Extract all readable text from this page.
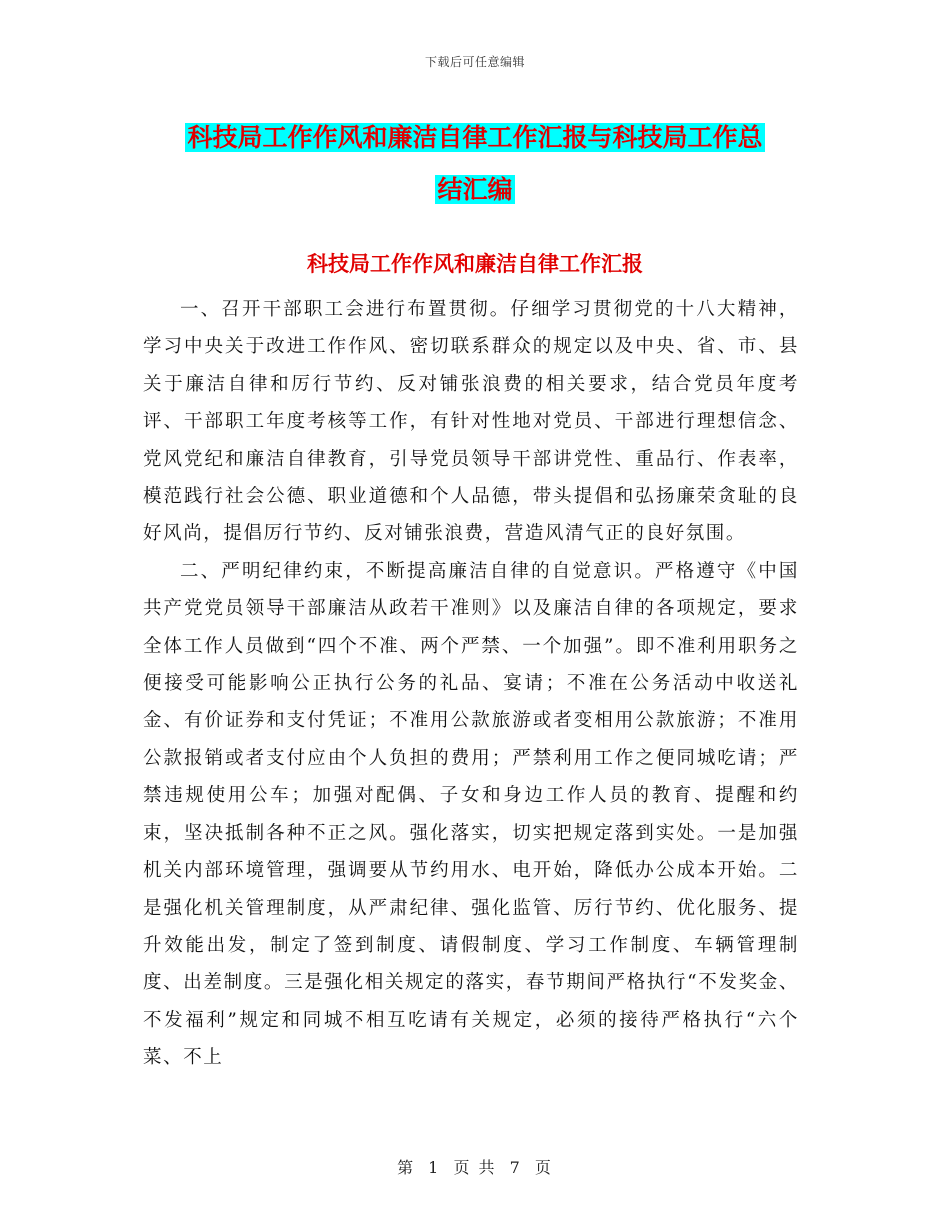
下载后可任意编辑
科技局工作作风和廉洁自律工作汇报与科技局工作总
结汇编
科技局工作作风和廉洁自律工作汇报

一、召开干部职工会进行布置贯彻。仔细学习贯彻党的十八大精神，学习中央关于改进工作作风、密切联系群众的规定以及中央、省、市、县关于廉洁自律和厉行节约、反对铺张浪费的相关要求，结合党员年度考评、干部职工年度考核等工作，有针对性地对党员、干部进行理想信念、党风党纪和廉洁自律教育，引导党员领导干部讲党性、重品行、作表率，模范践行社会公德、职业道德和个人品德，带头提倡和弘扬廉荣贪耻的良好风尚，提倡厉行节约、反对铺张浪费，营造风清气正的良好氛围。

二、严明纪律约束，不断提高廉洁自律的自觉意识。严格遵守《中国共产党党员领导干部廉洁从政若干准则》以及廉洁自律的各项规定，要求全体工作人员做到“四个不准、两个严禁、一个加强”。即不准利用职务之便接受可能影响公正执行公务的礼品、宴请；不准在公务活动中收送礼金、有价证券和支付凭证；不准用公款旅游或者变相用公款旅游；不准用公款报销或者支付应由个人负担的费用；严禁利用工作之便同城吃请；严禁违规使用公车；加强对配偶、子女和身边工作人员的教育、提醒和约束，坚决抵制各种不正之风。强化落实，切实把规定落到实处。一是加强机关内部环境管理，强调要从节约用水、电开始，降低办公成本开始。二是强化机关管理制度，从严肃纪律、强化监管、厉行节约、优化服务、提升效能出发，制定了签到制度、请假制度、学习工作制度、车辆管理制度、出差制度。三是强化相关规定的落实，春节期间严格执行“不发奖金、不发福利”规定和同城不相互吃请有关规定，必须的接待严格执行“六个菜、不上

第 1 页 共 7 页
